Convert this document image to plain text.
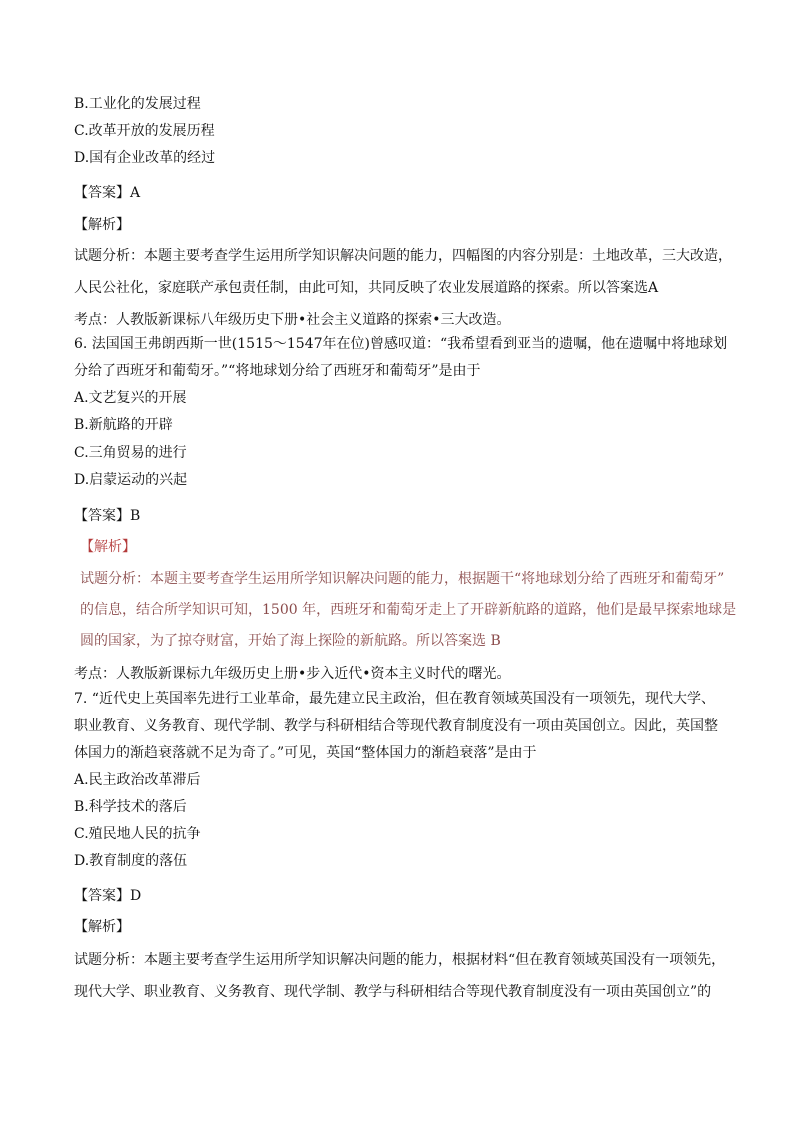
B.工业化的发展过程
C.改革开放的发展历程
D.国有企业改革的经过
【答案】A
【解析】
试题分析：本题主要考查学生运用所学知识解决问题的能力，四幅图的内容分别是：土地改革，三大改造，
人民公社化，家庭联产承包责任制，由此可知，共同反映了农业发展道路的探索。所以答案选A
考点：人教版新课标八年级历史下册•社会主义道路的探索•三大改造。
6. 法国国王弗朗西斯一世(1515～1547年在位)曾感叹道：“我希望看到亚当的遗嘱，他在遗嘱中将地球划
分给了西班牙和葡萄牙。”“将地球划分给了西班牙和葡萄牙”是由于
A.文艺复兴的开展
B.新航路的开辟
C.三角贸易的进行
D.启蒙运动的兴起
【答案】B
【解析】
试题分析：本题主要考查学生运用所学知识解决问题的能力，根据题干“将地球划分给了西班牙和葡萄牙”
的信息，结合所学知识可知，1500 年，西班牙和葡萄牙走上了开辟新航路的道路，他们是最早探索地球是
圆的国家，为了掠夺财富，开始了海上探险的新航路。所以答案选 B
考点：人教版新课标九年级历史上册•步入近代•资本主义时代的曙光。
7. “近代史上英国率先进行工业革命，最先建立民主政治，但在教育领域英国没有一项领先，现代大学、
职业教育、义务教育、现代学制、教学与科研相结合等现代教育制度没有一项由英国创立。因此，英国整
体国力的渐趋衰落就不足为奇了。”可见，英国“整体国力的渐趋衰落”是由于
A.民主政治改革滞后
B.科学技术的落后
C.殖民地人民的抗争
D.教育制度的落伍
【答案】D
【解析】
试题分析：本题主要考查学生运用所学知识解决问题的能力，根据材料“但在教育领域英国没有一项领先，
现代大学、职业教育、义务教育、现代学制、教学与科研相结合等现代教育制度没有一项由英国创立”的
